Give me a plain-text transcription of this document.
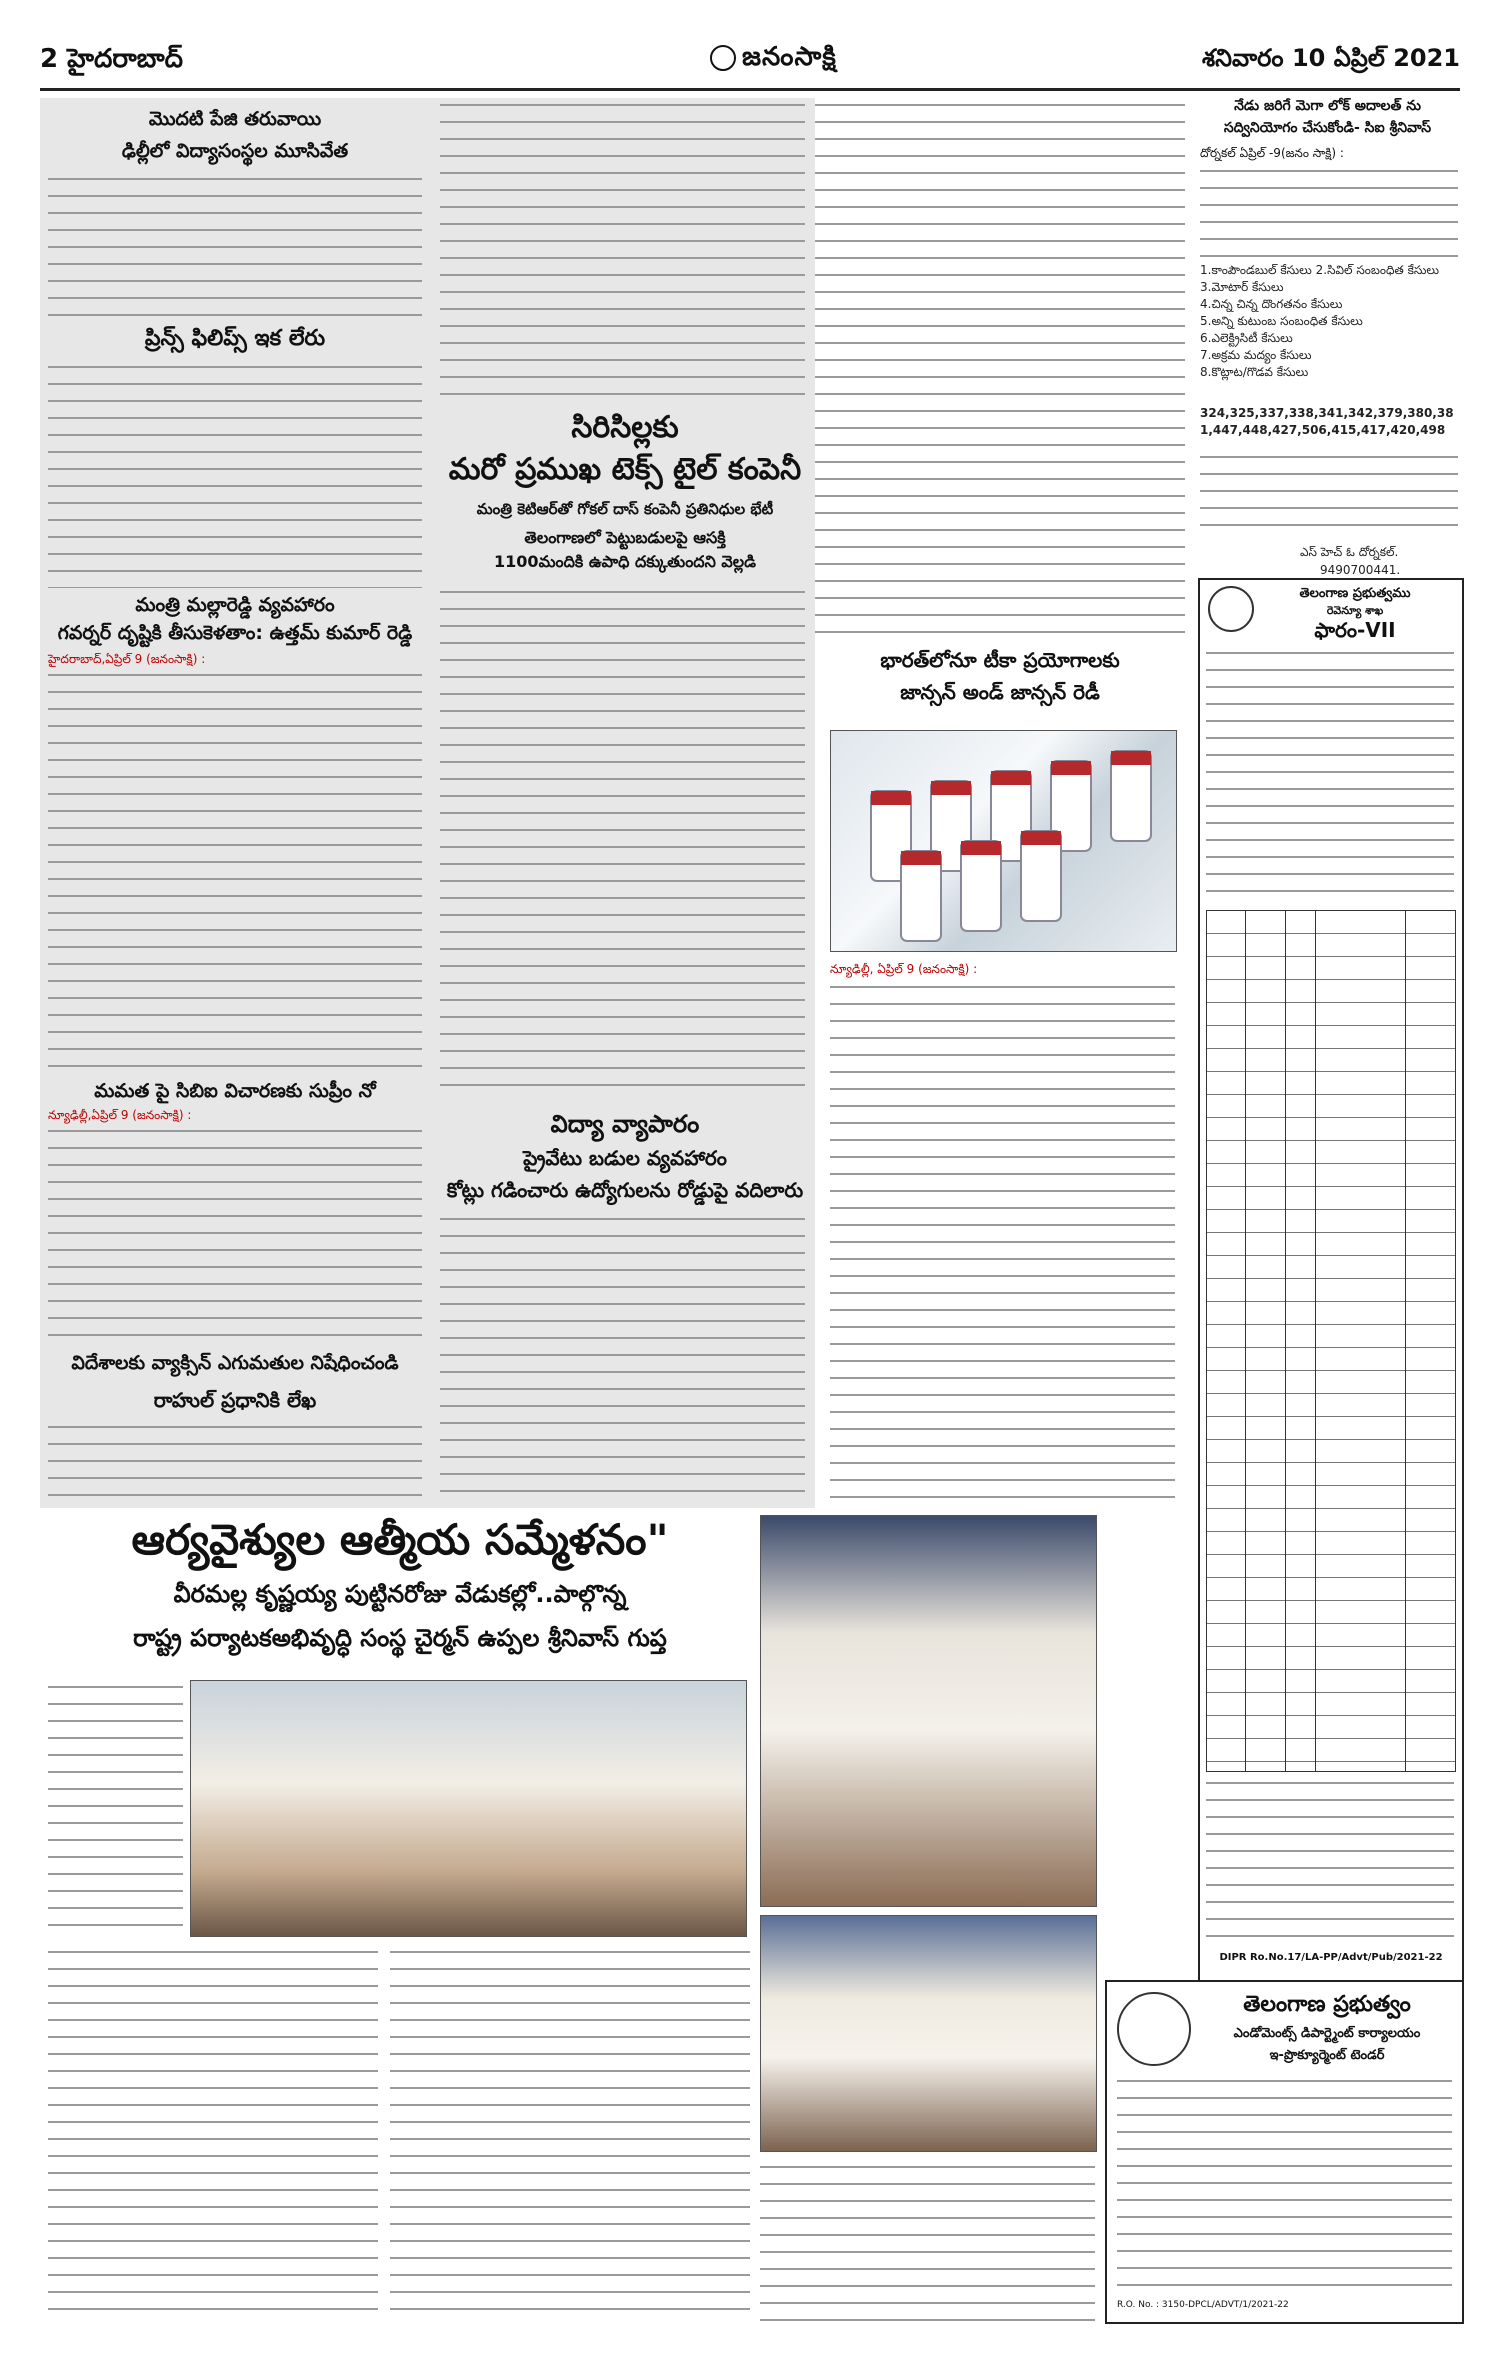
2 హైదరాబాద్	జనంసాక్షి	శనివారం 10 ఏప్రిల్ 2021
మొదటి పేజి తరువాయి
ఢిల్లీలో విద్యాసంస్థల మూసివేత
ప్రిన్స్ ఫిలిప్స్ ఇక లేరు
మంత్రి మల్లారెడ్డి వ్యవహారం
గవర్నర్ దృష్టికి తీసుకెళతాం: ఉత్తమ్ కుమార్ రెడ్డి
హైదరాబాద్,ఏప్రిల్ 9 (జనంసాక్షి) :
మమత పై సిబిఐ విచారణకు సుప్రీం నో
న్యూఢిల్లీ,ఏప్రిల్ 9 (జనంసాక్షి) :
విదేశాలకు వ్యాక్సిన్ ఎగుమతుల నిషేధించండి
రాహుల్ ప్రధానికి లేఖ
సిరిసిల్లకు
మరో ప్రముఖ టెక్స్ టైల్ కంపెనీ
మంత్రి కెటిఆర్‌తో గోకల్ దాస్ కంపెనీ ప్రతినిధుల భేటీ
తెలంగాణలో పెట్టుబడులపై ఆసక్తి
1100మందికి ఉపాధి దక్కుతుందని వెల్లడి
విద్యా వ్యాపారం
ప్రైవేటు బడుల వ్యవహారం
కోట్లు గడించారు ఉద్యోగులను రోడ్డుపై వదిలారు
భారత్‌లోనూ టీకా ప్రయోగాలకు
జాన్సన్ అండ్ జాన్సన్ రెడీ
న్యూఢిల్లీ, ఏప్రిల్ 9 (జనంసాక్షి) :
నేడు జరిగే మెగా లోక్ అదాలత్ ను
సద్వినియోగం చేసుకోండి- సిఐ శ్రీనివాస్
దోర్నకల్ ఏప్రిల్ -9(జనం సాక్షి) :
1.కాంపౌండబుల్ కేసులు 2.సివిల్ సంబంధిత కేసులు
3.మోటార్ కేసులు
4.చిన్న చిన్న దొంగతనం కేసులు
5.అన్ని కుటుంబ సంబంధిత కేసులు
6.ఎలెక్ట్రిసిటీ కేసులు
7.అక్రమ మద్యం కేసులు
8.కొట్లాట/గొడవ కేసులు
324,325,337,338,341,342,379,380,38 1,447,448,427,506,415,417,420,498
ఎస్ హెచ్ ఓ దోర్నకల్.
9490700441.
తెలంగాణ ప్రభుత్వము
రెవెన్యూ శాఖ
ఫారం-VII
DIPR Ro.No.17/LA-PP/Advt/Pub/2021-22
తెలంగాణ ప్రభుత్వం
ఎండోమెంట్స్ డిపార్ట్మెంట్ కార్యాలయం
ఇ-ప్రొక్యూర్మెంట్ టెండర్
R.O. No. : 3150-DPCL/ADVT/1/2021-22
ఆర్యవైశ్యుల ఆత్మీయ సమ్మేళనం"
వీరమల్ల కృష్ణయ్య పుట్టినరోజు వేడుకల్లో..పాల్గొన్న
రాష్ట్ర పర్యాటకఅభివృద్ధి సంస్థ చైర్మన్ ఉప్పల శ్రీనివాస్ గుప్త
